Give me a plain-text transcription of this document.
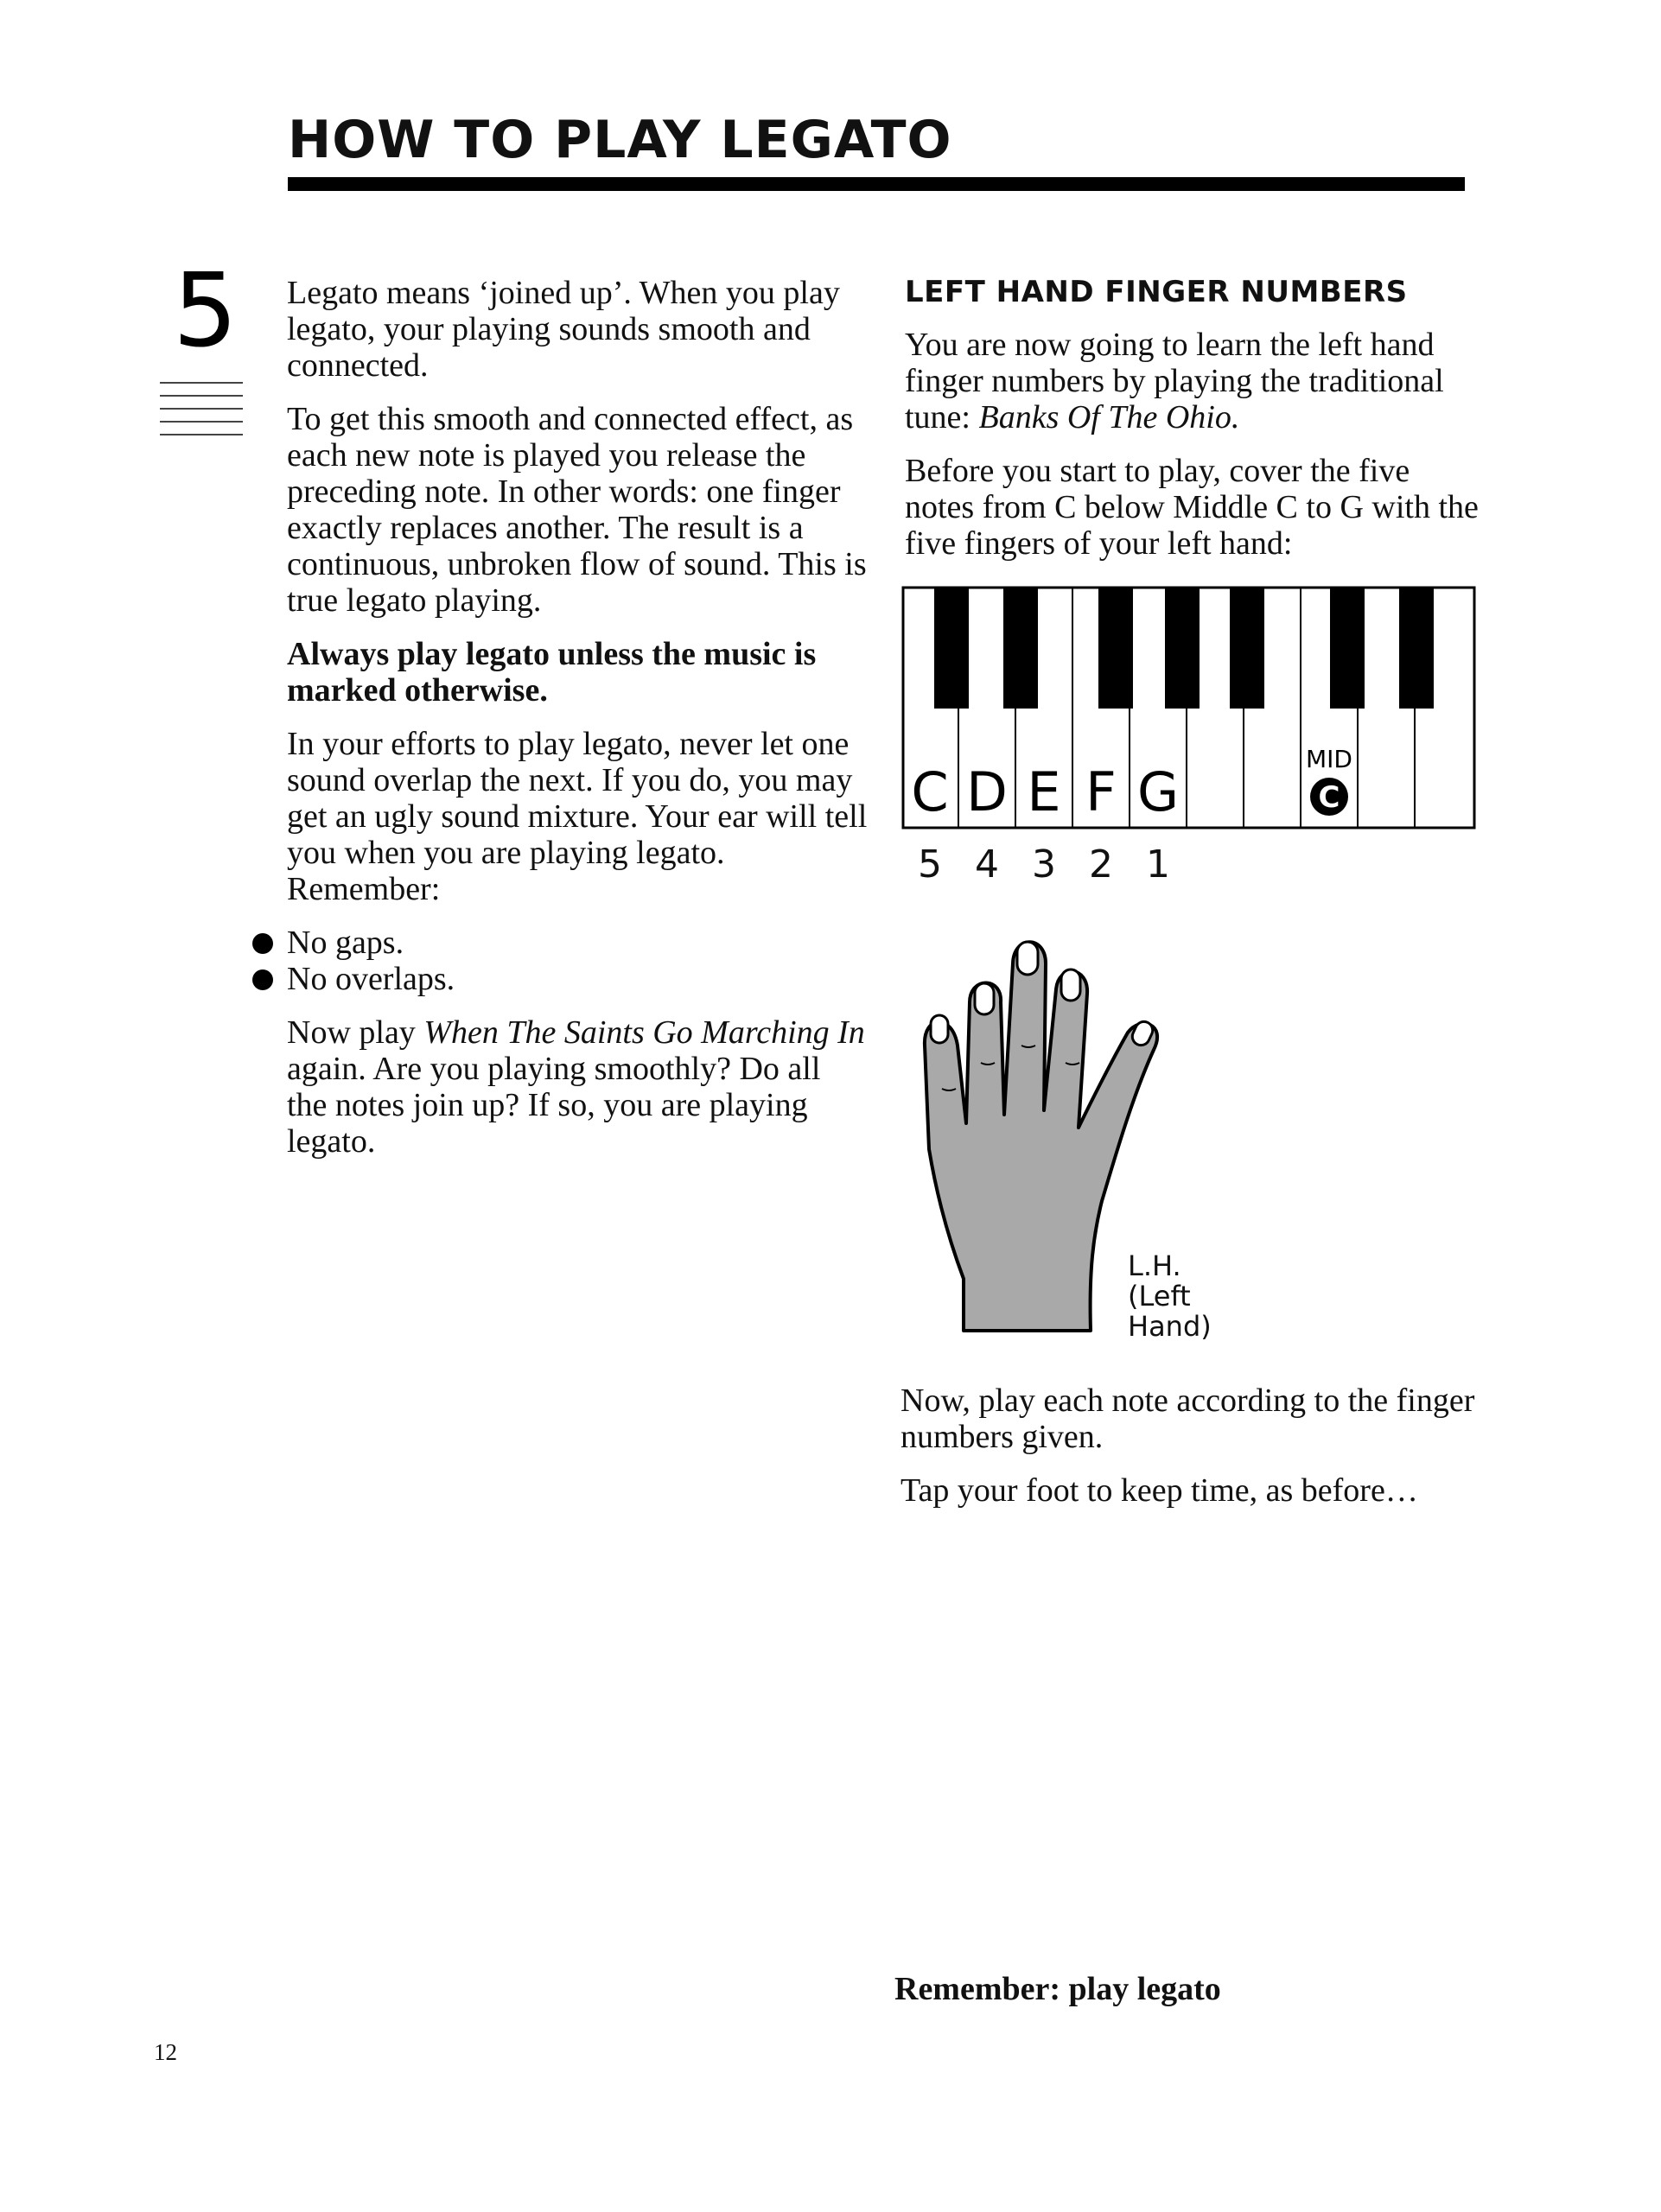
HOW TO PLAY LEGATO
5 Legato means ‘joined up’. When you play legato, your playing sounds smooth and connected.

To get this smooth and connected effect, as each new note is played you release the preceding note. In other words: one finger exactly replaces another. The result is a continuous, unbroken flow of sound. This is true legato playing.

Always play legato unless the music is marked otherwise.

In your efforts to play legato, never let one sound overlap the next. If you do, you may get an ugly sound mixture. Your ear will tell you when you are playing legato. Remember:

No gaps.
No overlaps.

Now play When The Saints Go Marching In again. Are you playing smoothly? Do all the notes join up? If so, you are playing legato.

LEFT HAND FINGER NUMBERS

You are now going to learn the left hand finger numbers by playing the traditional tune: Banks Of The Ohio.

Before you start to play, cover the five notes from C below Middle C to G with the five fingers of your left hand:

C D E F G
MID
C
5 4 3 2 1
L.H.
(Left
Hand)

Now, play each note according to the finger numbers given.

Tap your foot to keep time, as before…

Remember: play legato
12
